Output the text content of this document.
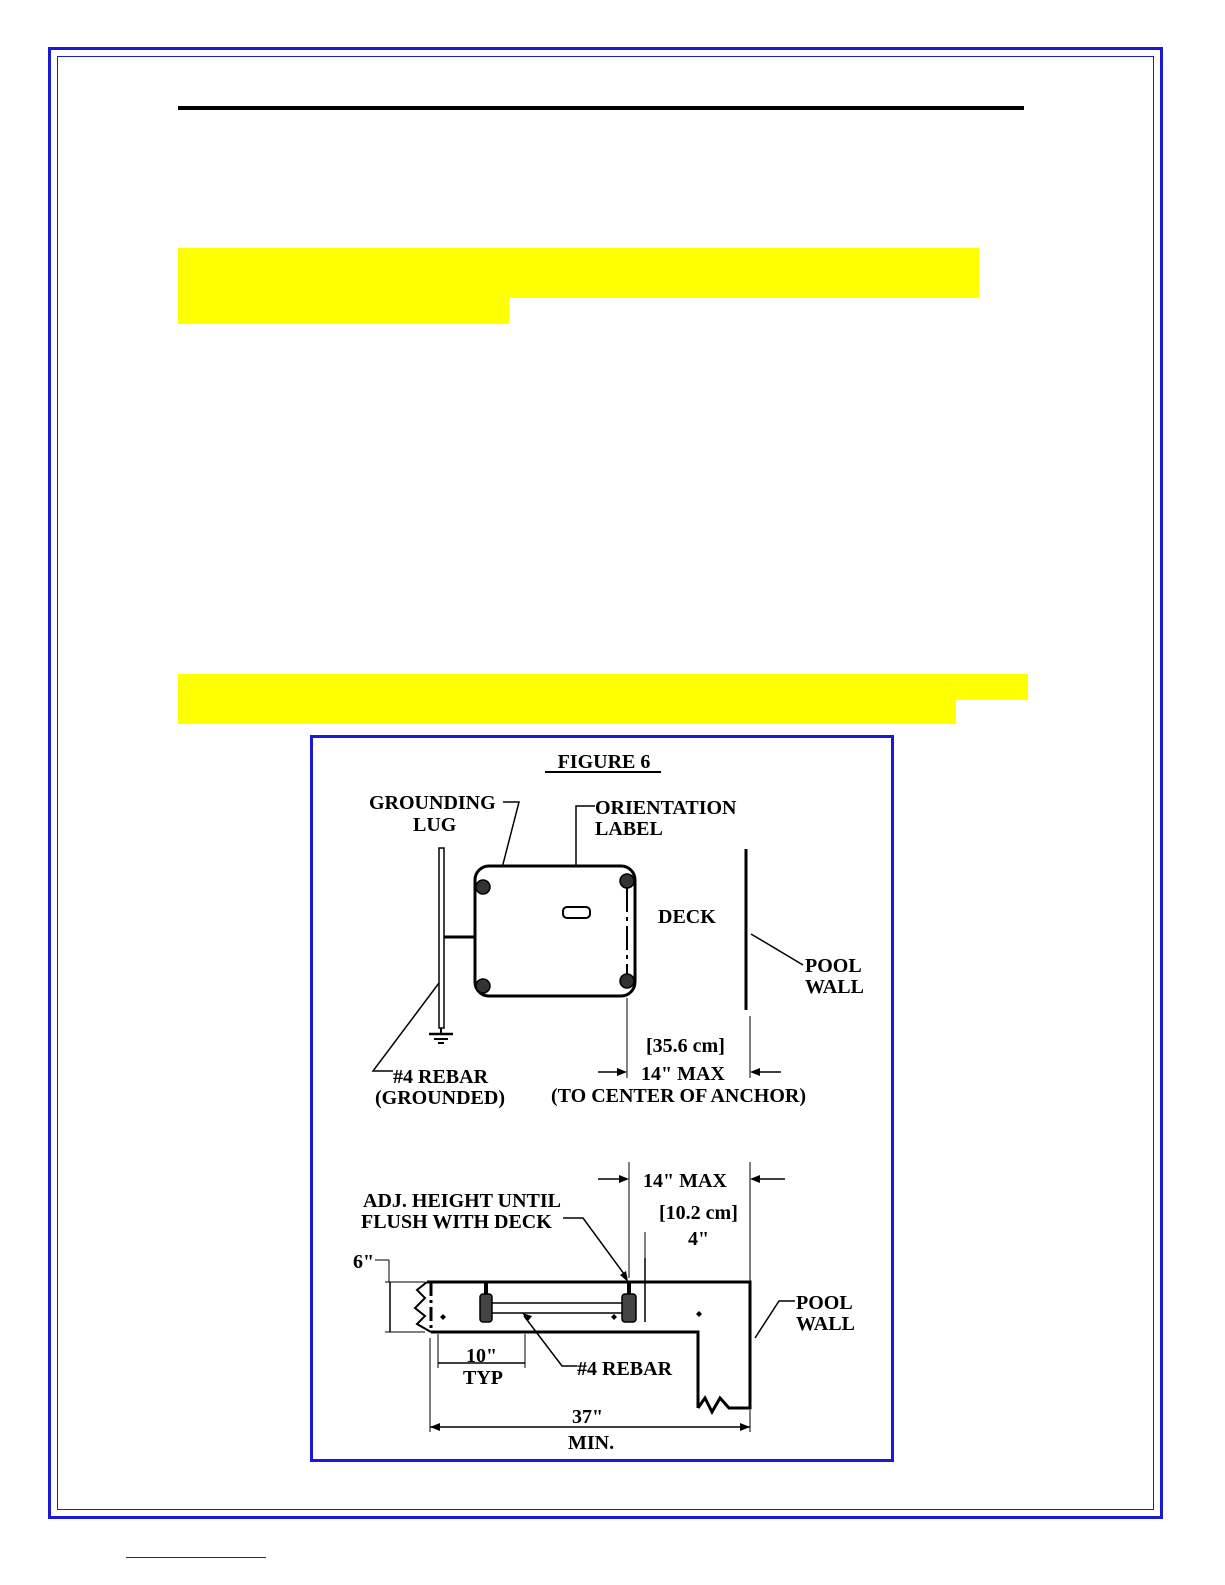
FIGURE 6
GROUNDING
LUG
ORIENTATION
LABEL
DECK
POOL
WALL
#4 REBAR
(GROUNDED)
[35.6 cm]
14" MAX
(TO CENTER OF ANCHOR)
14" MAX
ADJ. HEIGHT UNTIL
FLUSH WITH DECK	[10.2 cm]
4"
6"
POOL
WALL
10"
TYP	#4 REBAR
37"
MIN.
